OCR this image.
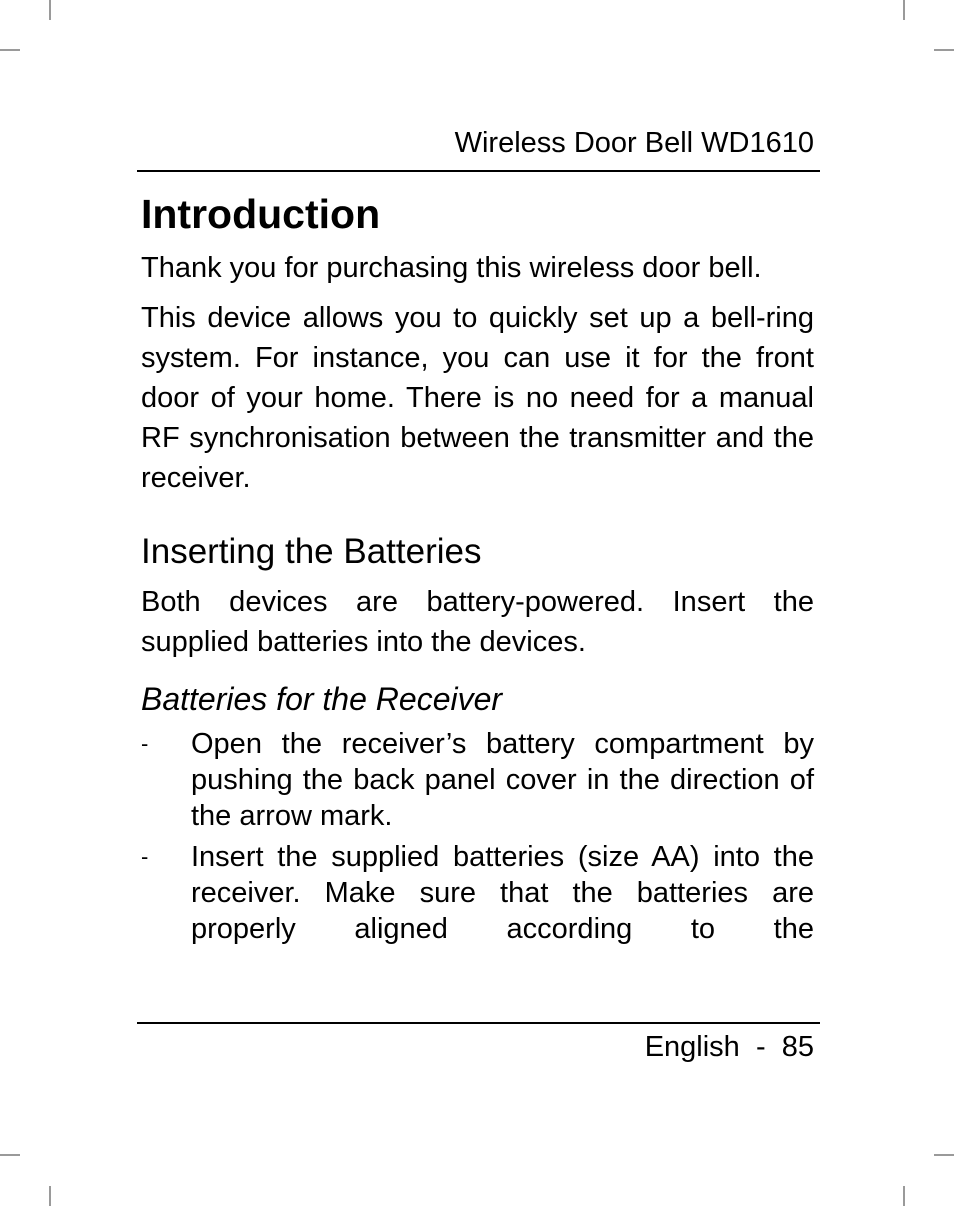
Wireless Door Bell WD1610
Introduction

Thank you for purchasing this wireless door bell.

This device allows you to quickly set up a bell-ring system. For instance, you can use it for the front door of your home. There is no need for a manual RF synchronisation between the transmitter and the receiver.

Inserting the Batteries

Both devices are battery-powered. Insert the supplied batteries into the devices.

Batteries for the Receiver
- Open the receiver’s battery compartment by pushing the back panel cover in the direction of the arrow mark.
- Insert the supplied batteries (size AA) into the receiver. Make sure that the batteries are properly aligned according to the
English - 85
